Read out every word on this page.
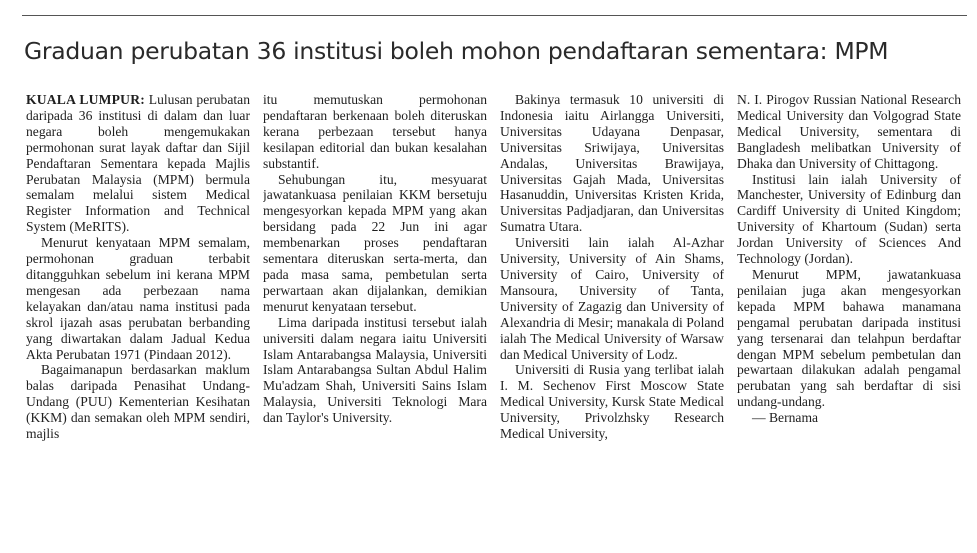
Graduan perubatan 36 institusi boleh mohon pendaftaran sementara: MPM

KUALA LUMPUR: Lulusan perubatan daripada 36 institusi di dalam dan luar negara boleh mengemukakan permohonan surat layak daftar dan Sijil Pendaftaran Sementara kepada Majlis Perubatan Malaysia (MPM) bermula semalam melalui sistem Medical Register Information and Technical System (MeRITS).

Menurut kenyataan MPM semalam, permohonan graduan terbabit ditangguhkan sebelum ini kerana MPM mengesan ada perbezaan nama kelayakan dan/atau nama institusi pada skrol ijazah asas perubatan berbanding yang diwartakan dalam Jadual Kedua Akta Perubatan 1971 (Pindaan 2012).

Bagaimanapun berdasarkan maklum balas daripada Penasihat Undang-Undang (PUU) Kementerian Kesihatan (KKM) dan semakan oleh MPM sendiri, majlis

itu memutuskan permohonan pendaftaran berkenaan boleh diteruskan kerana perbezaan tersebut hanya kesilapan editorial dan bukan kesalahan substantif.

Sehubungan itu, mesyuarat jawatankuasa penilaian KKM bersetuju mengesyorkan kepada MPM yang akan bersidang pada 22 Jun ini agar membenarkan proses pendaftaran sementara diteruskan serta-merta, dan pada masa sama, pembetulan serta perwartaan akan dijalankan, demikian menurut kenyataan tersebut.

Lima daripada institusi tersebut ialah universiti dalam negara iaitu Universiti Islam Antarabangsa Malaysia, Universiti Islam Antarabangsa Sultan Abdul Halim Mu'adzam Shah, Universiti Sains Islam Malaysia, Universiti Teknologi Mara dan Taylor's University.

Bakinya termasuk 10 universiti di Indonesia iaitu Airlangga Universiti, Universitas Udayana Denpasar, Universitas Sriwijaya, Universitas Andalas, Universitas Brawijaya, Universitas Gajah Mada, Universitas Hasanuddin, Universitas Kristen Krida, Universitas Padjadjaran, dan Universitas Sumatra Utara.

Universiti lain ialah Al-Azhar University, University of Ain Shams, University of Cairo, University of Mansoura, University of Tanta, University of Zagazig dan University of Alexandria di Mesir; manakala di Poland ialah The Medical University of Warsaw dan Medical University of Lodz.

Universiti di Rusia yang terlibat ialah I. M. Sechenov First Moscow State Medical University, Kursk State Medical University, Privolzhsky Research Medical University,

N. I. Pirogov Russian National Research Medical University dan Volgograd State Medical University, sementara di Bangladesh melibatkan University of Dhaka dan University of Chittagong.

Institusi lain ialah University of Manchester, University of Edinburg dan Cardiff University di United Kingdom; University of Khartoum (Sudan) serta Jordan University of Sciences And Technology (Jordan).

Menurut MPM, jawatankuasa penilaian juga akan mengesyorkan kepada MPM bahawa manamana pengamal perubatan daripada institusi yang tersenarai dan telahpun berdaftar dengan MPM sebelum pembetulan dan pewartaan dilakukan adalah pengamal perubatan yang sah berdaftar di sisi undang-undang.

— Bernama
